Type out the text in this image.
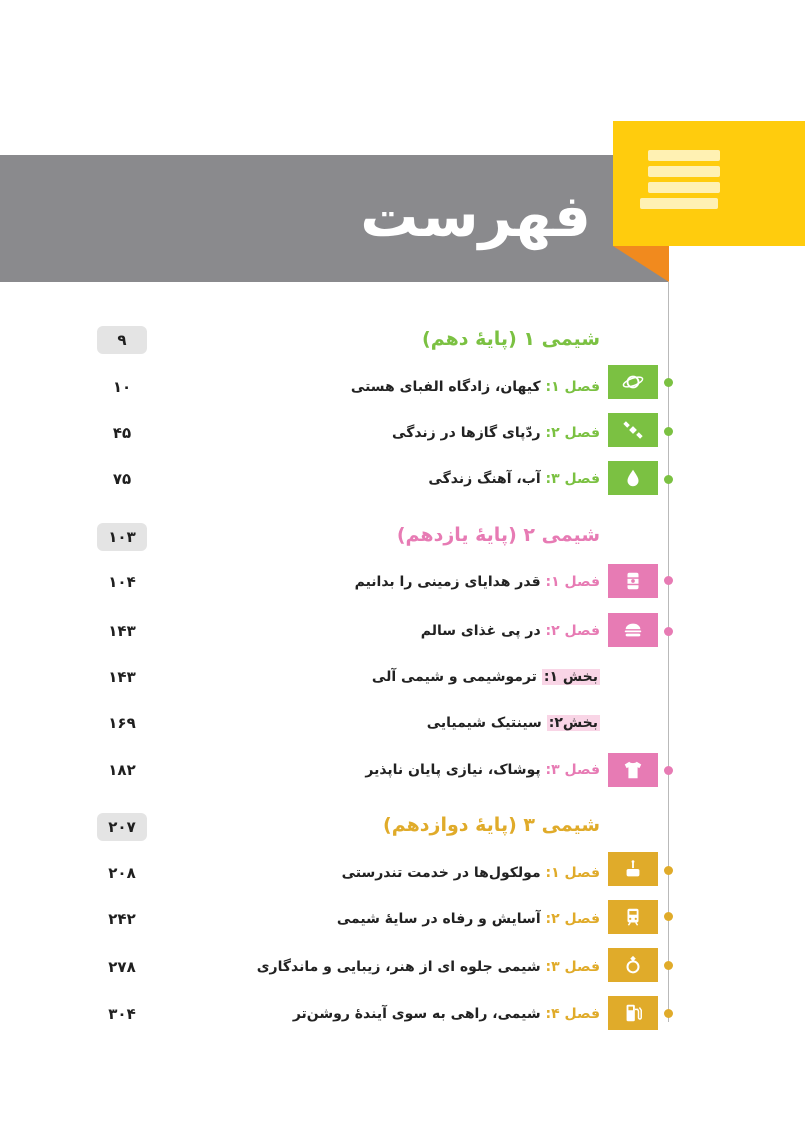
فهرست
۹	شیمی ۱ (پایهٔ دهم)
۱۰	فصل ۱: کیهان، زادگاه الفبای هستی
۴۵	فصل ۲: ردّپای گازها در زندگی
۷۵	فصل ۳: آب، آهنگ زندگی
۱۰۳	شیمی ۲ (پایهٔ یازدهم)
۱۰۴	فصل ۱: قدر هدایای زمینی را بدانیم
۱۴۳	فصل ۲: در پی غذای سالم
۱۴۳	بخش ۱: ترموشیمی و شیمی آلی
۱۶۹	بخش۲: سینتیک شیمیایی
۱۸۲	فصل ۳: پوشاک، نیازی پایان ناپذیر
۲۰۷	شیمی ۳ (پایهٔ دوازدهم)
۲۰۸	فصل ۱: مولکول‌ها در خدمت تندرستی
۲۴۲	فصل ۲: آسایش و رفاه در سایهٔ شیمی
۲۷۸	فصل ۳: شیمی جلوه ای از هنر، زیبایی و ماندگاری
۳۰۴	فصل ۴: شیمی، راهی به سوی آیندهٔ روشن‌تر
